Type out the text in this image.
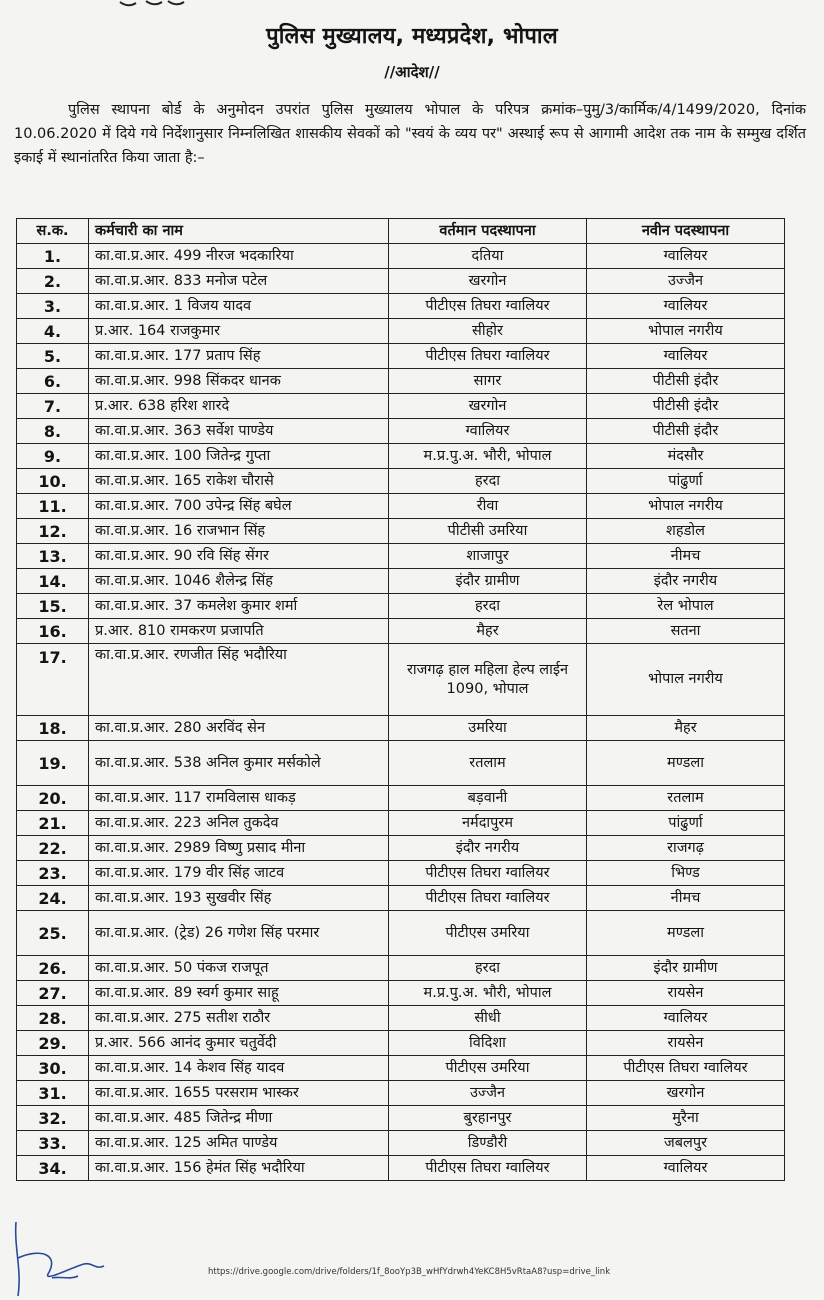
पुलिस मुख्यालय, मध्यप्रदेश, भोपाल
//आदेश//
पुलिस स्थापना बोर्ड के अनुमोदन उपरांत पुलिस मुख्यालय भोपाल के परिपत्र क्रमांक–पुमु/3/कार्मिक/4/1499/2020, दिनांक 10.06.2020 में दिये गये निर्देशानुसार निम्नलिखित शासकीय सेवकों को "स्वयं के व्यय पर" अस्थाई रूप से आगामी आदेश तक नाम के सम्मुख दर्शित इकाई में स्थानांतरित किया जाता है:–
स.क.	कर्मचारी का नाम	वर्तमान पदस्थापना	नवीन पदस्थापना
1.	का.वा.प्र.आर. 499 नीरज भदकारिया	दतिया	ग्वालियर
2.	का.वा.प्र.आर. 833 मनोज पटेल	खरगोन	उज्जैन
3.	का.वा.प्र.आर. 1 विजय यादव	पीटीएस तिघरा ग्वालियर	ग्वालियर
4.	प्र.आर. 164 राजकुमार	सीहोर	भोपाल नगरीय
5.	का.वा.प्र.आर. 177 प्रताप सिंह	पीटीएस तिघरा ग्वालियर	ग्वालियर
6.	का.वा.प्र.आर. 998 सिंकदर धानक	सागर	पीटीसी इंदौर
7.	प्र.आर. 638 हरिश शारदे	खरगोन	पीटीसी इंदौर
8.	का.वा.प्र.आर. 363 सर्वेश पाण्डेय	ग्वालियर	पीटीसी इंदौर
9.	का.वा.प्र.आर. 100 जितेन्द्र गुप्ता	म.प्र.पु.अ. भौरी, भोपाल	मंदसौर
10.	का.वा.प्र.आर. 165 राकेश चौरासे	हरदा	पांढुर्णा
11.	का.वा.प्र.आर. 700 उपेन्द्र सिंह बघेल	रीवा	भोपाल नगरीय
12.	का.वा.प्र.आर. 16 राजभान सिंह	पीटीसी उमरिया	शहडोल
13.	का.वा.प्र.आर. 90 रवि सिंह सेंगर	शाजापुर	नीमच
14.	का.वा.प्र.आर. 1046 शैलेन्द्र सिंह	इंदौर ग्रामीण	इंदौर नगरीय
15.	का.वा.प्र.आर. 37 कमलेश कुमार शर्मा	हरदा	रेल भोपाल
16.	प्र.आर. 810 रामकरण प्रजापति	मैहर	सतना
17.	का.वा.प्र.आर. रणजीत सिंह भदौरिया	राजगढ़ हाल महिला हेल्प लाईन 1090, भोपाल	भोपाल नगरीय
18.	का.वा.प्र.आर. 280 अरविंद सेन	उमरिया	मैहर
19.	का.वा.प्र.आर. 538 अनिल कुमार मर्सकोले	रतलाम	मण्डला
20.	का.वा.प्र.आर. 117 रामविलास धाकड़	बड़वानी	रतलाम
21.	का.वा.प्र.आर. 223 अनिल तुकदेव	नर्मदापुरम	पांढुर्णा
22.	का.वा.प्र.आर. 2989 विष्णु प्रसाद मीना	इंदौर नगरीय	राजगढ़
23.	का.वा.प्र.आर. 179 वीर सिंह जाटव	पीटीएस तिघरा ग्वालियर	भिण्ड
24.	का.वा.प्र.आर. 193 सुखवीर सिंह	पीटीएस तिघरा ग्वालियर	नीमच
25.	का.वा.प्र.आर. (ट्रेड) 26 गणेश सिंह परमार	पीटीएस उमरिया	मण्डला
26.	का.वा.प्र.आर. 50 पंकज राजपूत	हरदा	इंदौर ग्रामीण
27.	का.वा.प्र.आर. 89 स्वर्ग कुमार साहू	म.प्र.पु.अ. भौरी, भोपाल	रायसेन
28.	का.वा.प्र.आर. 275 सतीश राठौर	सीधी	ग्वालियर
29.	प्र.आर. 566 आनंद कुमार चतुर्वेदी	विदिशा	रायसेन
30.	का.वा.प्र.आर. 14 केशव सिंह यादव	पीटीएस उमरिया	पीटीएस तिघरा ग्वालियर
31.	का.वा.प्र.आर. 1655 परसराम भास्कर	उज्जैन	खरगोन
32.	का.वा.प्र.आर. 485 जितेन्द्र मीणा	बुरहानपुर	मुरैना
33.	का.वा.प्र.आर. 125 अमित पाण्डेय	डिण्डौरी	जबलपुर
34.	का.वा.प्र.आर. 156 हेमंत सिंह भदौरिया	पीटीएस तिघरा ग्वालियर	ग्वालियर
https://drive.google.com/drive/folders/1f_8ooYp3B_wHfYdrwh4YeKC8H5vRtaA8?usp=drive_link
